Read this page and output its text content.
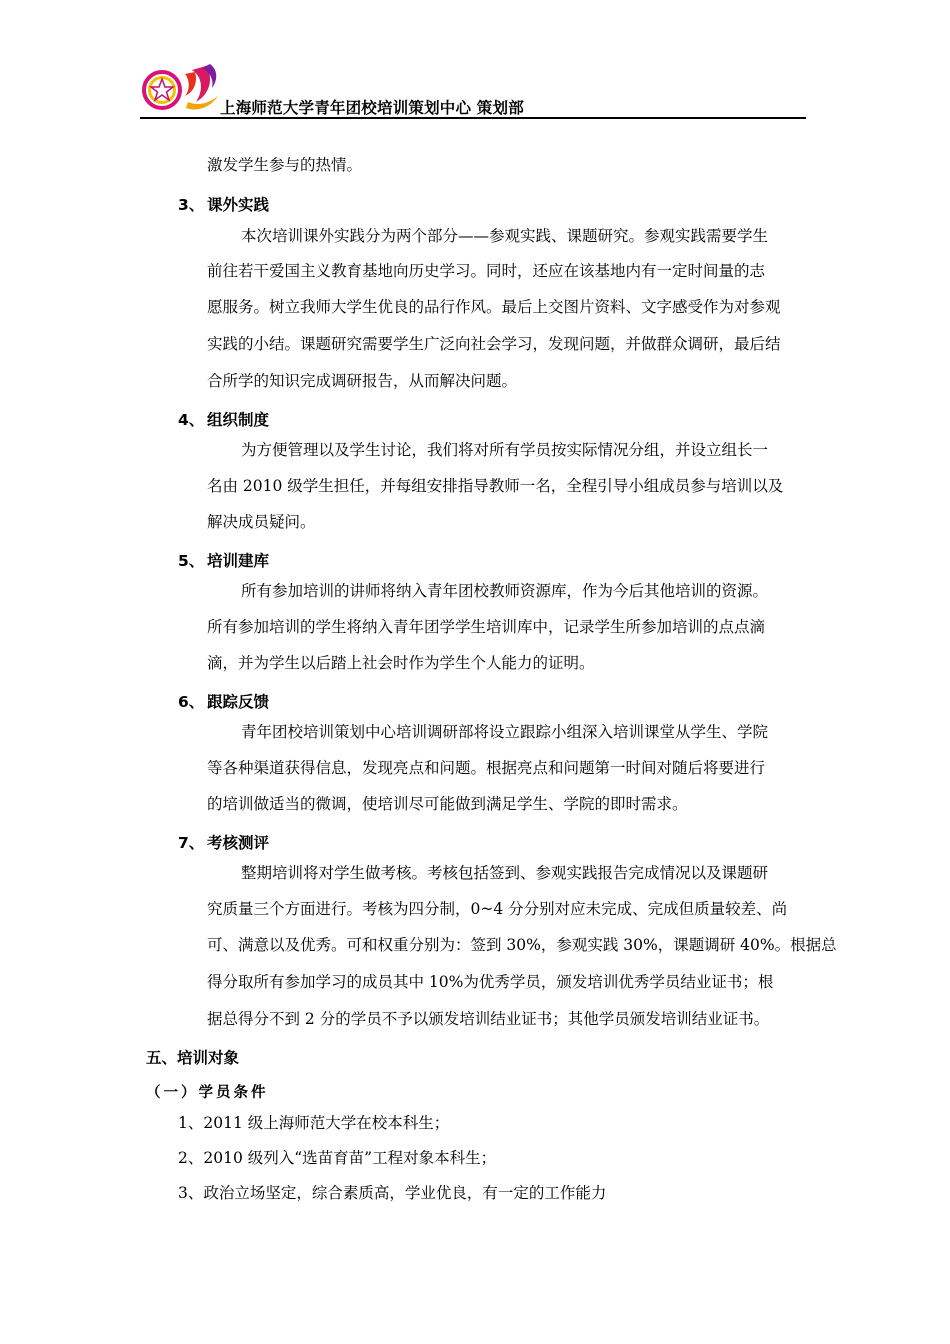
上海师范大学青年团校培训策划中心 策划部
激发学生参与的热情。
3、 课外实践
本次培训课外实践分为两个部分——参观实践、课题研究。参观实践需要学生
前往若干爱国主义教育基地向历史学习。同时，还应在该基地内有一定时间量的志
愿服务。树立我师大学生优良的品行作风。最后上交图片资料、文字感受作为对参观
实践的小结。课题研究需要学生广泛向社会学习，发现问题，并做群众调研，最后结
合所学的知识完成调研报告，从而解决问题。
4、 组织制度
为方便管理以及学生讨论，我们将对所有学员按实际情况分组，并设立组长一
名由 2010 级学生担任，并每组安排指导教师一名，全程引导小组成员参与培训以及
解决成员疑问。
5、 培训建库
所有参加培训的讲师将纳入青年团校教师资源库，作为今后其他培训的资源。
所有参加培训的学生将纳入青年团学学生培训库中，记录学生所参加培训的点点滴
滴，并为学生以后踏上社会时作为学生个人能力的证明。
6、 跟踪反馈
青年团校培训策划中心培训调研部将设立跟踪小组深入培训课堂从学生、学院
等各种渠道获得信息，发现亮点和问题。根据亮点和问题第一时间对随后将要进行
的培训做适当的微调，使培训尽可能做到满足学生、学院的即时需求。
7、 考核测评
整期培训将对学生做考核。考核包括签到、参观实践报告完成情况以及课题研
究质量三个方面进行。考核为四分制，0~4 分分别对应未完成、完成但质量较差、尚
可、满意以及优秀。可和权重分别为：签到 30%，参观实践 30%，课题调研 40%。根据总
得分取所有参加学习的成员其中 10%为优秀学员，颁发培训优秀学员结业证书；根
据总得分不到 2 分的学员不予以颁发培训结业证书；其他学员颁发培训结业证书。
五、培训对象
（一）学员条件
1、2011 级上海师范大学在校本科生；
2、2010 级列入“选苗育苗”工程对象本科生；
3、政治立场坚定，综合素质高，学业优良，有一定的工作能力
